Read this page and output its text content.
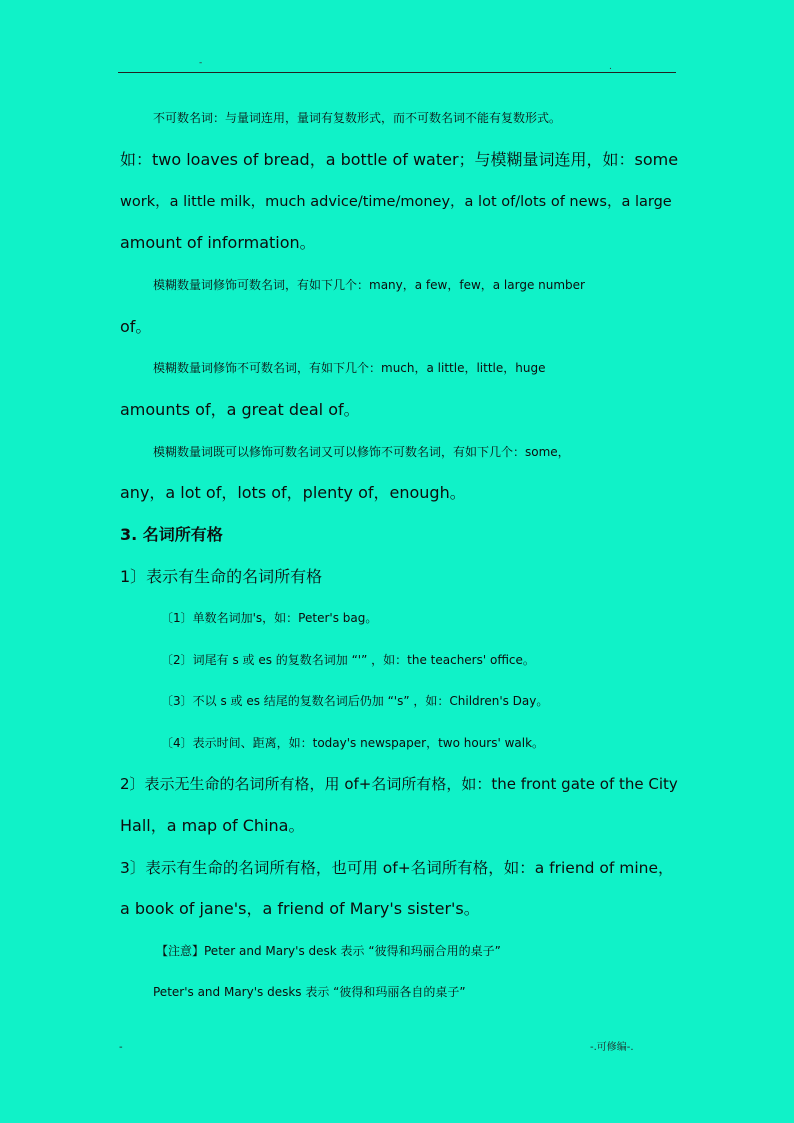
-	.
不可数名词：与量词连用，量词有复数形式，而不可数名词不能有复数形式。
如：two loaves of bread，a bottle of water；与模糊量词连用，如：some
work，a little milk，much advice/time/money，a lot of/lots of news，a large
amount of information。
模糊数量词修饰可数名词，有如下几个：many，a few，few，a large number
of。
模糊数量词修饰不可数名词，有如下几个：much，a little，little，huge
amounts of，a great deal of。
模糊数量词既可以修饰可数名词又可以修饰不可数名词，有如下几个：some，
any，a lot of，lots of，plenty of，enough。
3. 名词所有格
1〕表示有生命的名词所有格
〔1〕单数名词加's，如：Peter's bag。
〔2〕词尾有 s 或 es 的复数名词加 “'” ，如：the teachers' office。
〔3〕不以 s 或 es 结尾的复数名词后仍加 “'s” ，如：Children's Day。
〔4〕表示时间、距离，如：today's newspaper，two hours' walk。
2〕表示无生命的名词所有格，用 of+名词所有格，如：the front gate of the City
Hall，a map of China。
3〕表示有生命的名词所有格，也可用 of+名词所有格，如：a friend of mine，
a book of jane's，a friend of Mary's sister's。
【注意】Peter and Mary's desk 表示 “彼得和玛丽合用的桌子”
Peter's and Mary's desks 表示 “彼得和玛丽各自的桌子”
-	-.可修编-.
